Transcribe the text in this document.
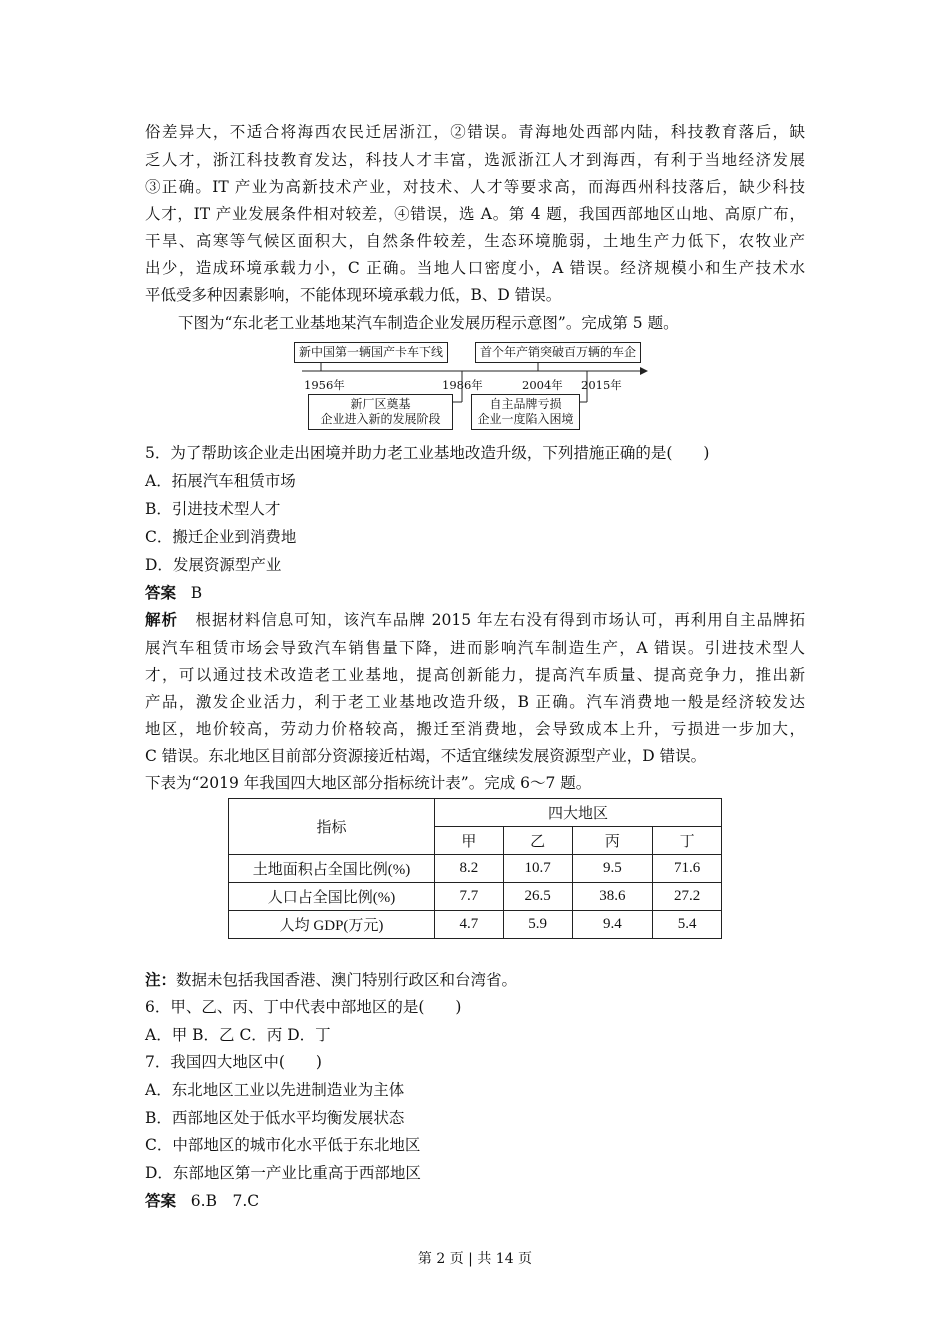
俗差异大，不适合将海西农民迁居浙江，②错误。青海地处西部内陆，科技教育落后，缺
乏人才，浙江科技教育发达，科技人才丰富，选派浙江人才到海西，有利于当地经济发展
③正确。IT 产业为高新技术产业，对技术、人才等要求高，而海西州科技落后，缺少科技
人才，IT 产业发展条件相对较差，④错误，选 A。第 4 题，我国西部地区山地、高原广布，
干旱、高寒等气候区面积大，自然条件较差，生态环境脆弱，土地生产力低下，农牧业产
出少，造成环境承载力小，C 正确。当地人口密度小，A 错误。经济规模小和生产技术水
平低受多种因素影响，不能体现环境承载力低，B、D 错误。
下图为“东北老工业基地某汽车制造企业发展历程示意图”。完成第 5 题。
新中国第一辆国产卡车下线	首个年产销突破百万辆的车企
1956年	1986年	2004年 2015年
新厂区奠基
企业进入新的发展阶段
自主品牌亏损
企业一度陷入困境
5．为了帮助该企业走出困境并助力老工业基地改造升级，下列措施正确的是(　　)
A．拓展汽车租赁市场
B．引进技术型人才
C．搬迁企业到消费地
D．发展资源型产业
答案 B
解析 根据材料信息可知，该汽车品牌 2015 年左右没有得到市场认可，再利用自主品牌拓
展汽车租赁市场会导致汽车销售量下降，进而影响汽车制造生产，A 错误。引进技术型人
才，可以通过技术改造老工业基地，提高创新能力，提高汽车质量、提高竞争力，推出新
产品，激发企业活力，利于老工业基地改造升级，B 正确。汽车消费地一般是经济较发达
地区，地价较高，劳动力价格较高，搬迁至消费地，会导致成本上升，亏损进一步加大，
C 错误。东北地区目前部分资源接近枯竭，不适宜继续发展资源型产业，D 错误。
下表为“2019 年我国四大地区部分指标统计表”。完成 6～7 题。
指标	四大地区			
	甲	乙	丙	丁
土地面积占全国比例(%)	8.2	10.7	9.5	71.6
人口占全国比例(%)	7.7	26.5	38.6	27.2
人均 GDP(万元)	4.7	5.9	9.4	5.4
注：数据未包括我国香港、澳门特别行政区和台湾省。
6．甲、乙、丙、丁中代表中部地区的是(　　)
A．甲 B．乙 C．丙 D．丁
7．我国四大地区中(　　)
A．东北地区工业以先进制造业为主体
B．西部地区处于低水平均衡发展状态
C．中部地区的城市化水平低于东北地区
D．东部地区第一产业比重高于西部地区
答案 6.B　7.C
第 2 页 | 共 14 页
